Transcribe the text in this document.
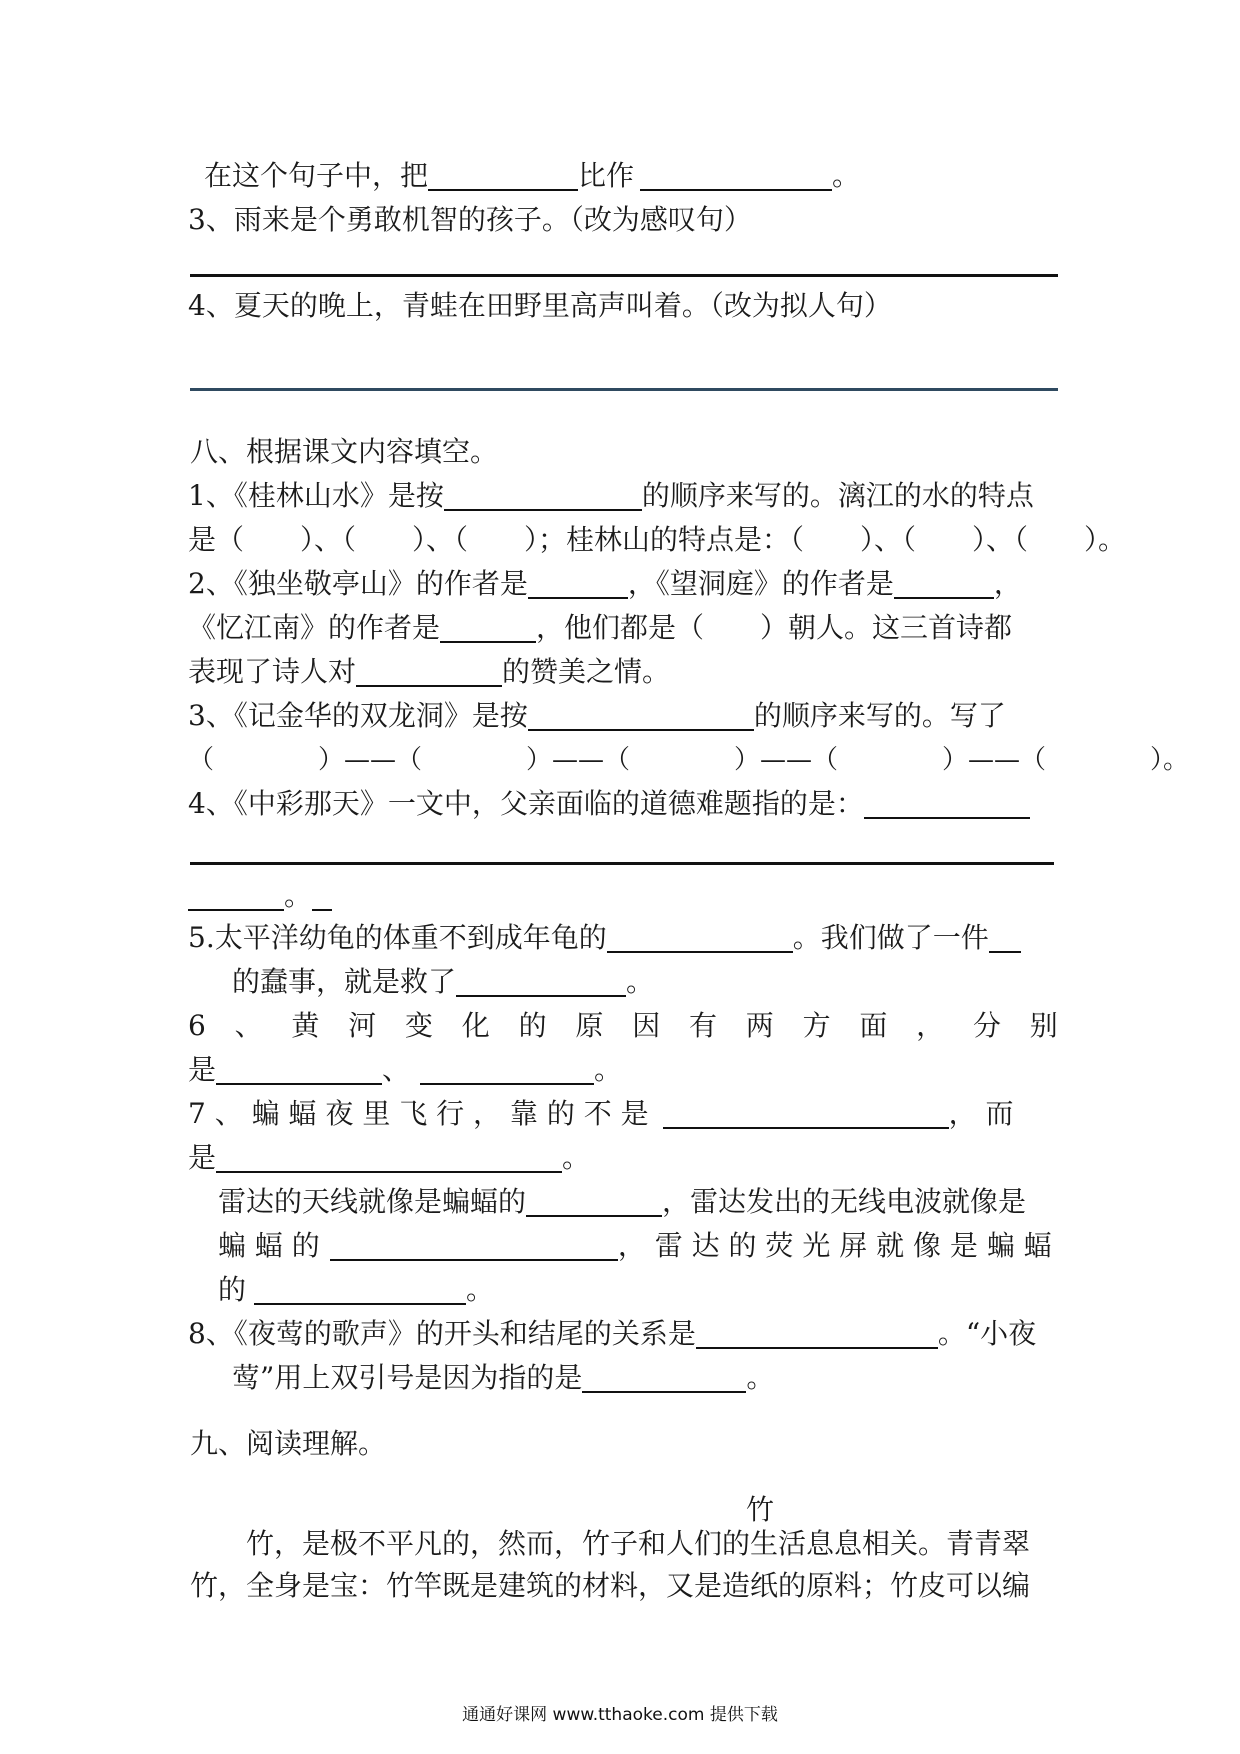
在这个句子中，把	比作	。
3、雨来是个勇敢机智的孩子。（改为感叹句）
4、夏天的晚上，青蛙在田野里高声叫着。（改为拟人句）
八、根据课文内容填空。
1、《桂林山水》是按	的顺序来写的。漓江的水的特点
是（　　）、（　　）、（　　）；桂林山的特点是：（　　）、（　　）、（　　）。
2、《独坐敬亭山》的作者是	，《望洞庭》的作者是	，
《忆江南》的作者是	，他们都是（　　）朝人。这三首诗都
表现了诗人对	的赞美之情。
3、《记金华的双龙洞》是按	的顺序来写的。写了
（　　　　）——（　　　　）——（　　　　）——（　　　　）——（　　　　）。
4、《中彩那天》一文中，父亲面临的道德难题指的是：
。
5.太平洋幼龟的体重不到成年龟的	。我们做了一件
的蠢事，就是救了	。
6 、 黄 河 变 化 的 原 因 有 两 方 面 ， 分 别
是	、	。
7 、 蝙 蝠 夜 里 飞 行 ， 靠 的 不 是	， 而
是	。
雷达的天线就像是蝙蝠的	，雷达发出的无线电波就像是
蝙 蝠 的	， 雷 达 的 荧 光 屏 就 像 是 蝙 蝠
的	。
8、《夜莺的歌声》的开头和结尾的关系是	。“小夜
莺”用上双引号是因为指的是	。
九、阅读理解。
竹
竹，是极不平凡的，然而，竹子和人们的生活息息相关。青青翠
竹，全身是宝：竹竿既是建筑的材料，又是造纸的原料；竹皮可以编
通通好课网 www.tthaoke.com 提供下载
